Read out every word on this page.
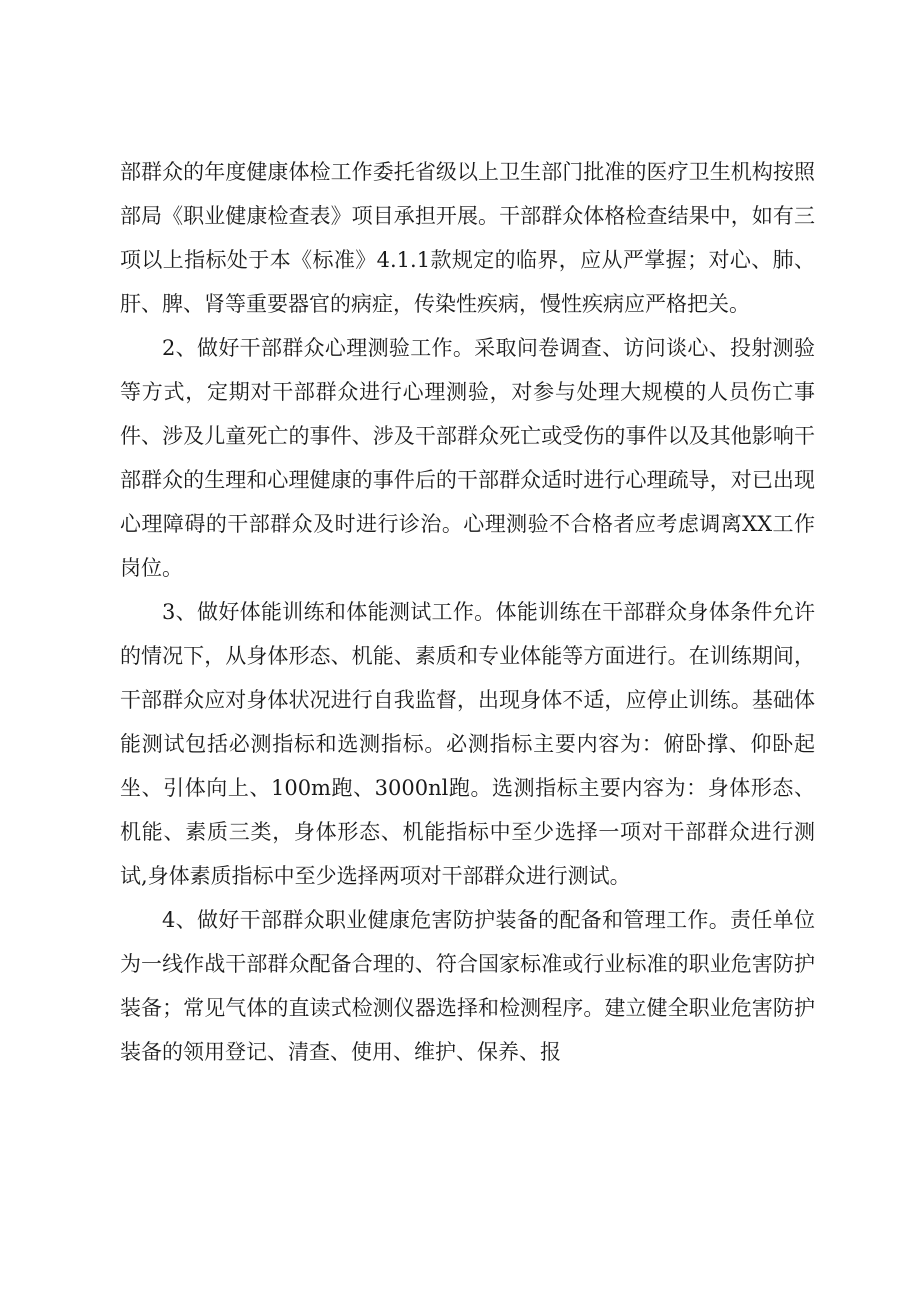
部群众的年度健康体检工作委托省级以上卫生部门批准的医疗卫生机构按照部局《职业健康检查表》项目承担开展。干部群众体格检查结果中，如有三项以上指标处于本《标准》4.1.1款规定的临界，应从严掌握；对心、肺、肝、脾、肾等重要器官的病症，传染性疾病，慢性疾病应严格把关。

2、做好干部群众心理测验工作。采取问卷调查、访问谈心、投射测验等方式，定期对干部群众进行心理测验，对参与处理大规模的人员伤亡事件、涉及儿童死亡的事件、涉及干部群众死亡或受伤的事件以及其他影响干部群众的生理和心理健康的事件后的干部群众适时进行心理疏导，对已出现心理障碍的干部群众及时进行诊治。心理测验不合格者应考虑调离XX工作岗位。

3、做好体能训练和体能测试工作。体能训练在干部群众身体条件允许的情况下，从身体形态、机能、素质和专业体能等方面进行。在训练期间，干部群众应对身体状况进行自我监督，出现身体不适，应停止训练。基础体能测试包括必测指标和选测指标。必测指标主要内容为：俯卧撑、仰卧起坐、引体向上、100m跑、3000nl跑。选测指标主要内容为：身体形态、机能、素质三类，身体形态、机能指标中至少选择一项对干部群众进行测试,身体素质指标中至少选择两项对干部群众进行测试。

4、做好干部群众职业健康危害防护装备的配备和管理工作。责任单位为一线作战干部群众配备合理的、符合国家标准或行业标准的职业危害防护装备；常见气体的直读式检测仪器选择和检测程序。建立健全职业危害防护装备的领用登记、清查、使用、维护、保养、报
